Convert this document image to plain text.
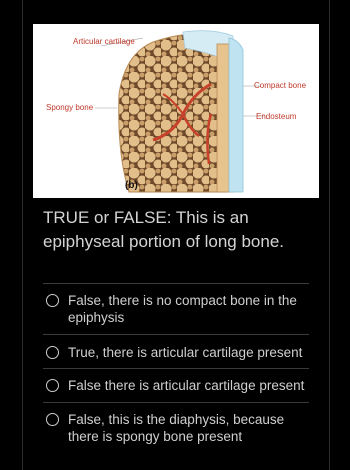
Articular cartilage
Spongy bone
Compact bone
Endosteum
(b)
TRUE or FALSE: This is an epiphyseal portion of long bone.
False, there is no compact bone in the epiphysis
True, there is articular cartilage present
False there is articular cartilage present
False, this is the diaphysis, because there is spongy bone present
